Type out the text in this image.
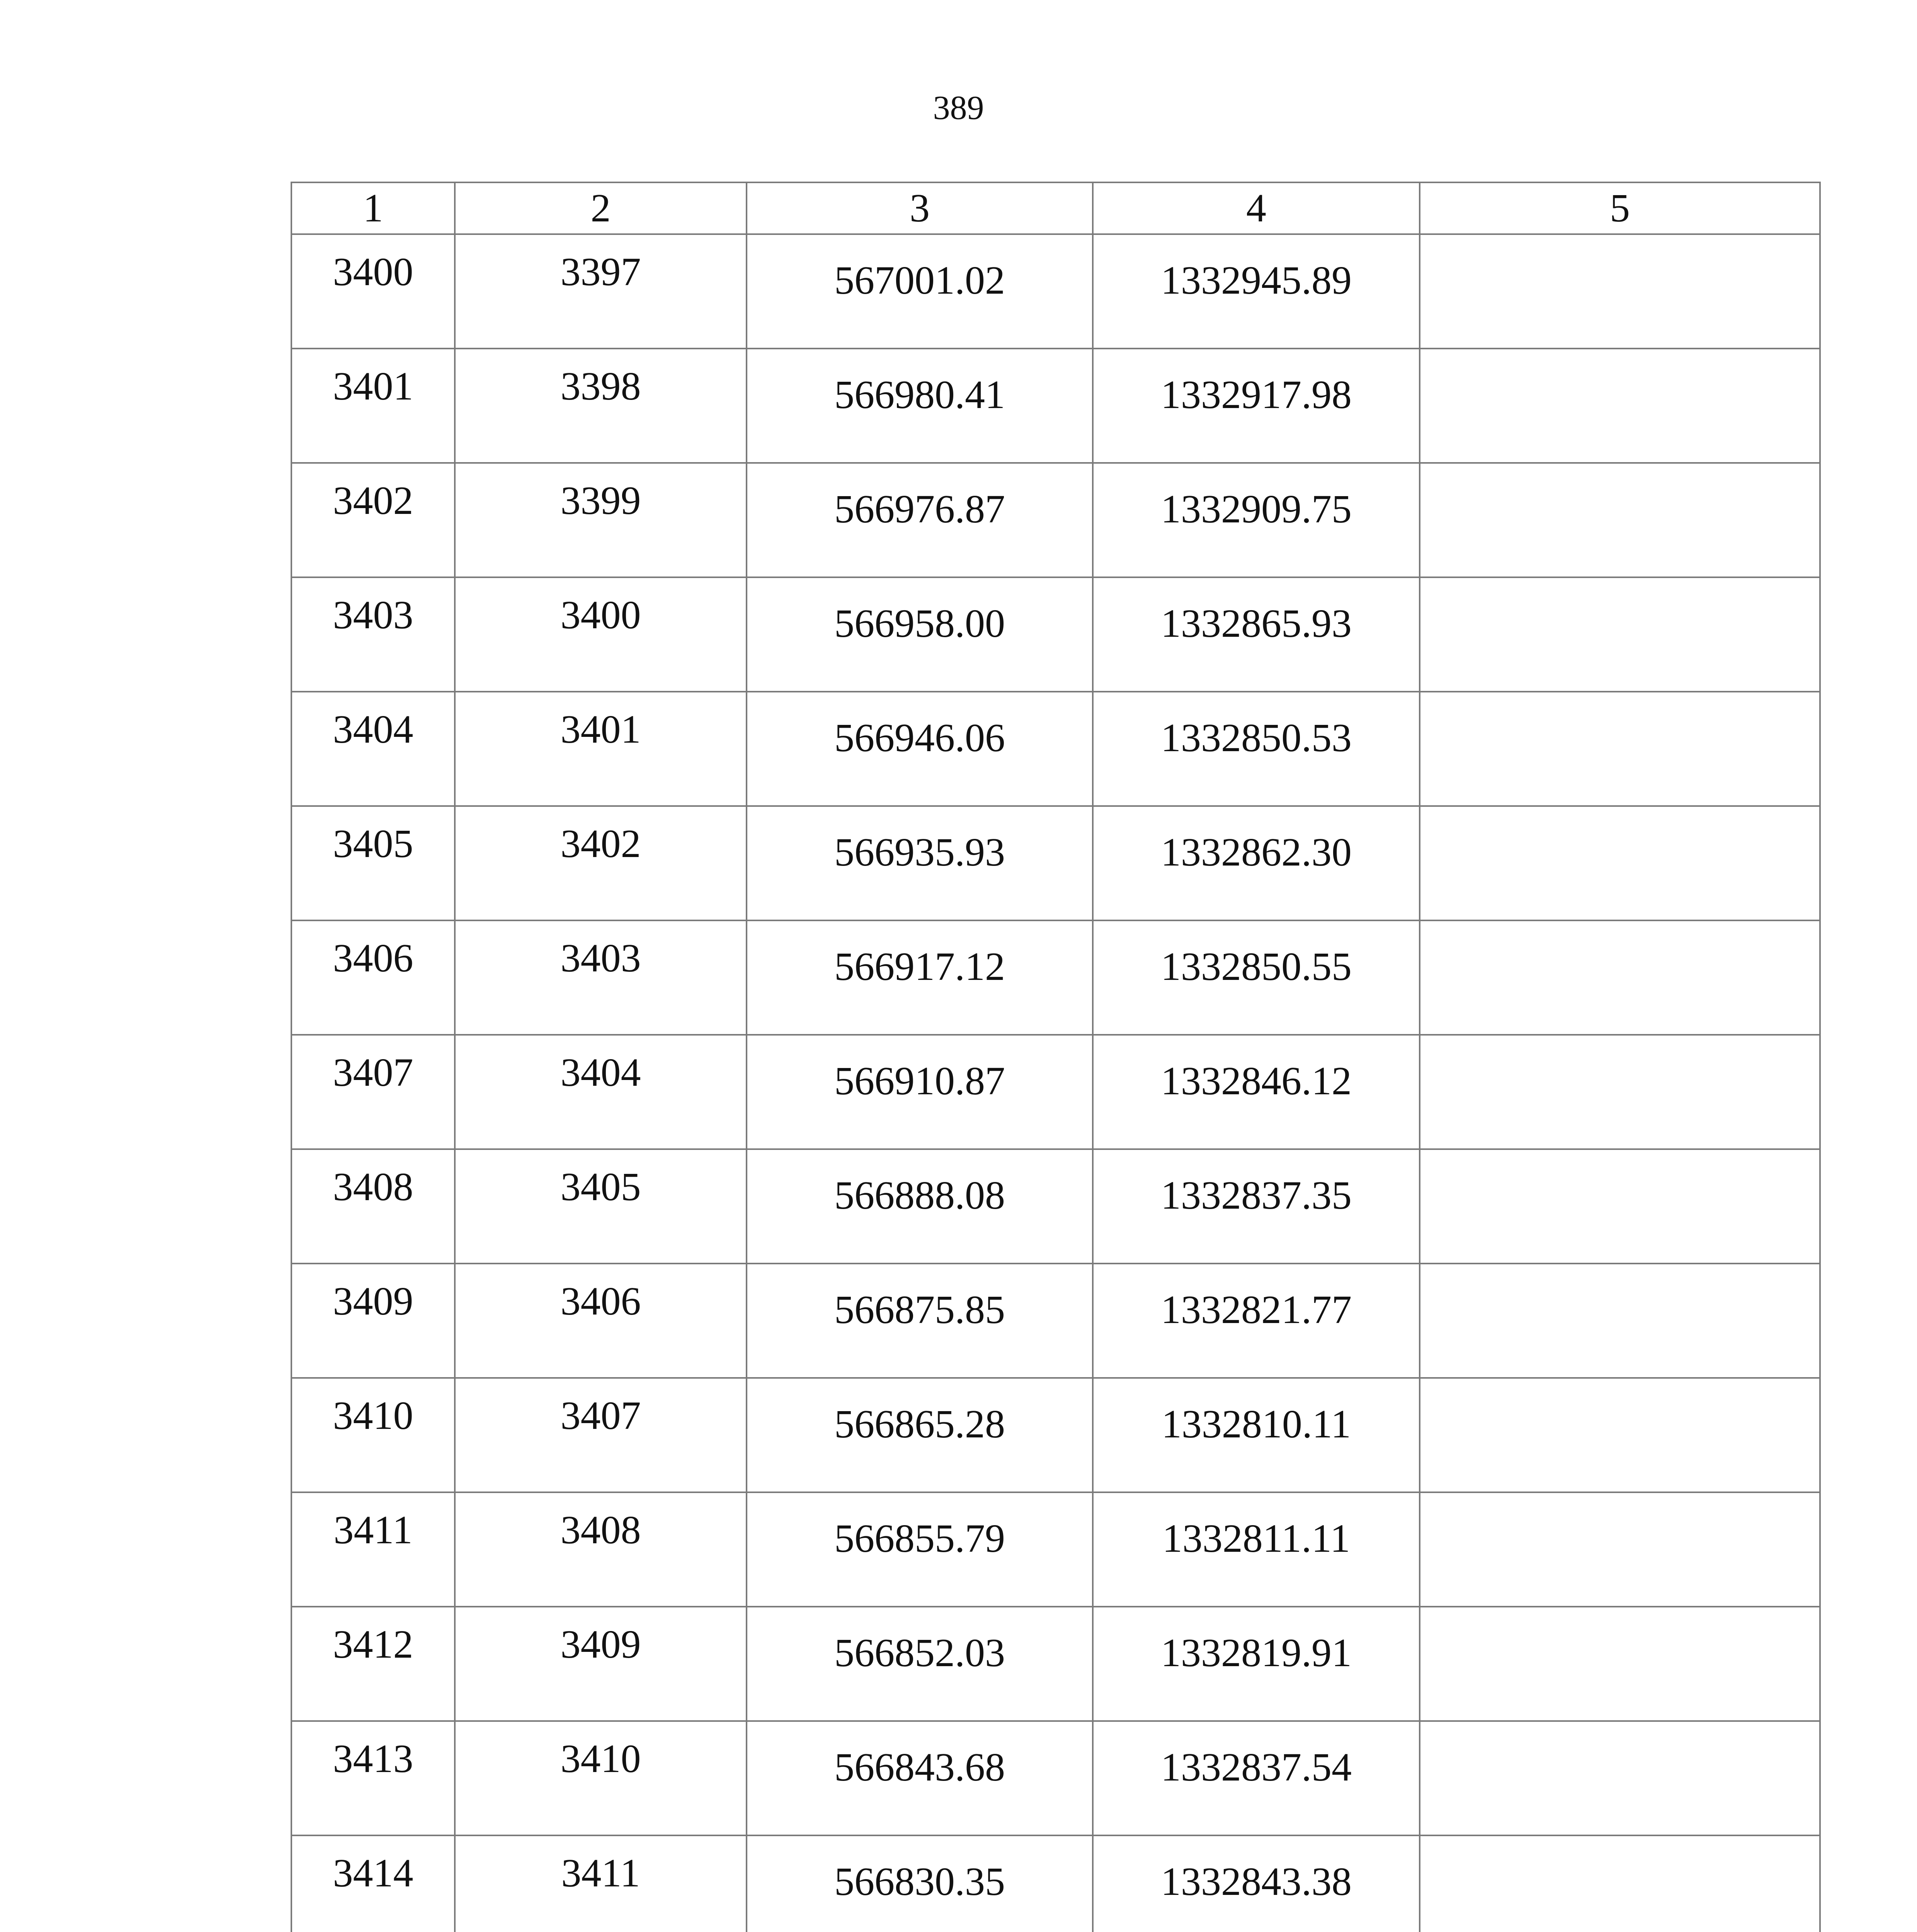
389
1	2	3	4	5
3400	3397	567001.02	1332945.89	
3401	3398	566980.41	1332917.98	
3402	3399	566976.87	1332909.75	
3403	3400	566958.00	1332865.93	
3404	3401	566946.06	1332850.53	
3405	3402	566935.93	1332862.30	
3406	3403	566917.12	1332850.55	
3407	3404	566910.87	1332846.12	
3408	3405	566888.08	1332837.35	
3409	3406	566875.85	1332821.77	
3410	3407	566865.28	1332810.11	
3411	3408	566855.79	1332811.11	
3412	3409	566852.03	1332819.91	
3413	3410	566843.68	1332837.54	
3414	3411	566830.35	1332843.38	
